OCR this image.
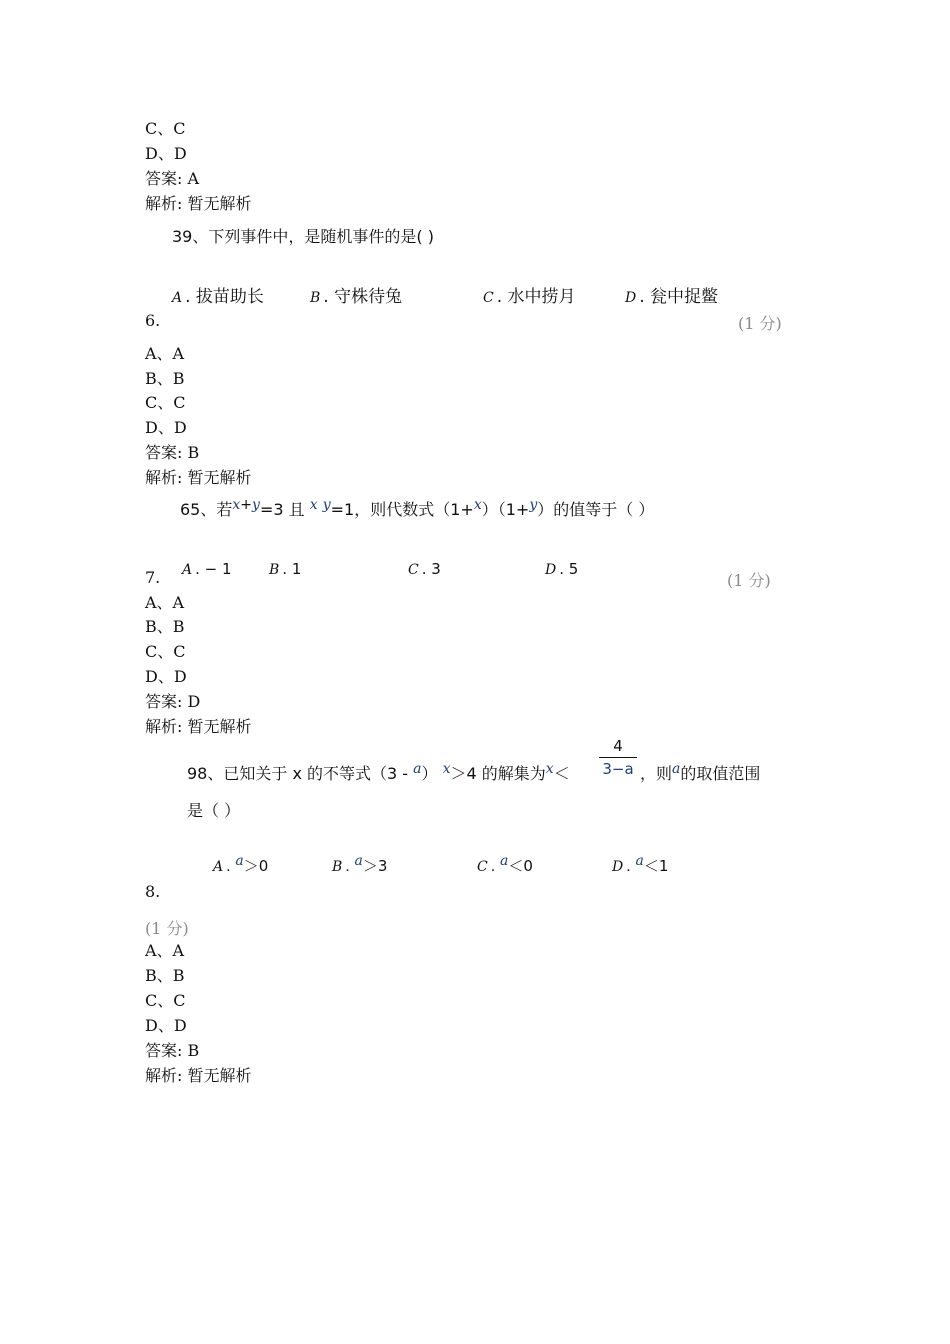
C、C
D、D
答案: A
解析: 暂无解析
39、下列事件中，是随机事件的是( )
A . 拔苗助长	B . 守株待兔	C . 水中捞月	D . 瓮中捉鳖
6.	(1 分)
A、A
B、B
C、C
D、D
答案: B
解析: 暂无解析
65、若x+y=3 且 x y=1，则代数式（1+x）（1+y）的值等于（ ）
A . − 1	B . 1	C . 3	D . 5
7.	(1 分)
A、A
B、B
C、C
D、D
答案: D
解析: 暂无解析
98、已知关于 x 的不等式（3 - a） x＞4 的解集为x＜
4
3−a ，则a的取值范围
是（ ）
A . a＞0	B . a＞3	C . a＜0	D . a＜1
8.
(1 分)
A、A
B、B
C、C
D、D
答案: B
解析: 暂无解析
